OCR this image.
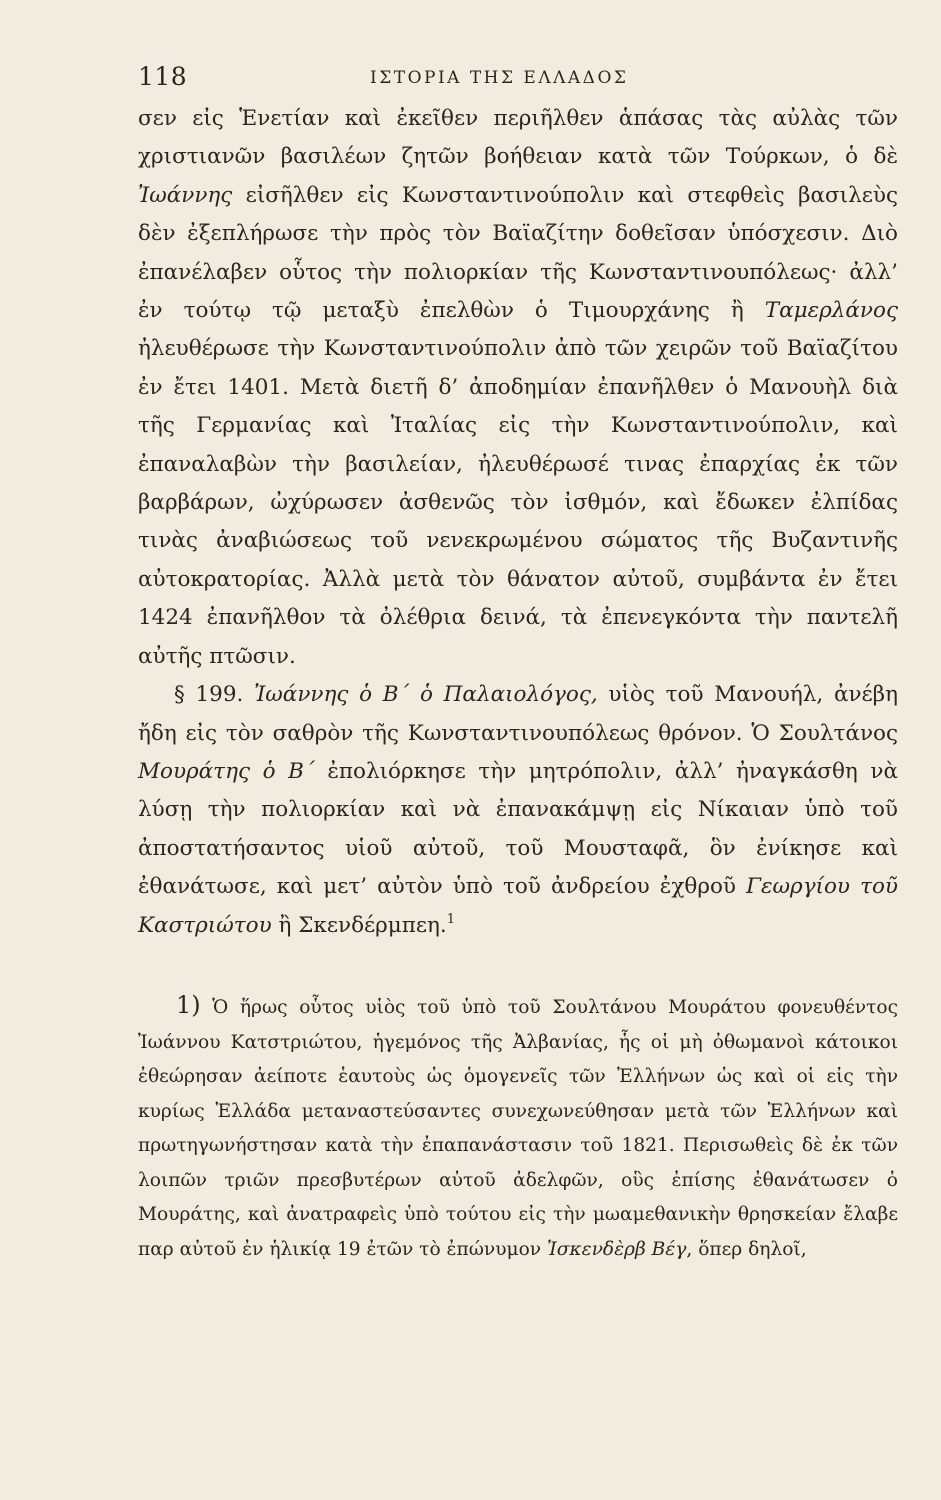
118	ΙΣΤΟΡΙΑ ΤΗΣ ΕΛΛΑΔΟΣ

σεν εἰς Ἑνετίαν καὶ ἐκεῖθεν περιῆλθεν ἁπάσας τὰς αὐλὰς τῶν χριστιανῶν βασιλέων ζητῶν βοήθειαν κατὰ τῶν Τούρκων, ὁ δὲ Ἰωάννης εἰσῆλθεν εἰς Κωνσταντινούπολιν καὶ στεφθεὶς βασιλεὺς δὲν ἐξεπλήρωσε τὴν πρὸς τὸν Βαϊαζίτην δοθεῖσαν ὑπόσχεσιν. Διὸ ἐπανέλαβεν οὗτος τὴν πολιορκίαν τῆς Κωνσταντινουπόλεως· ἀλλ’ ἐν τούτῳ τῷ μεταξὺ ἐπελθὼν ὁ Τιμουρχάνης ἢ Ταμερλάνος ἠλευθέρωσε τὴν Κωνσταντινούπολιν ἀπὸ τῶν χειρῶν τοῦ Βαϊαζίτου ἐν ἔτει 1401. Μετὰ διετῆ δ’ ἀποδημίαν ἐπανῆλθεν ὁ Μανουὴλ διὰ τῆς Γερμανίας καὶ Ἰταλίας εἰς τὴν Κωνσταντινούπολιν, καὶ ἐπαναλαβὼν τὴν βασιλείαν, ἠλευθέρωσέ τινας ἐπαρχίας ἐκ τῶν βαρβάρων, ὠχύρωσεν ἀσθενῶς τὸν ἰσθμόν, καὶ ἔδωκεν ἐλπίδας τινὰς ἀναβιώσεως τοῦ νενεκρωμένου σώματος τῆς Βυζαντινῆς αὐτοκρατορίας. Ἀλλὰ μετὰ τὸν θάνατον αὐτοῦ, συμβάντα ἐν ἔτει 1424 ἐπανῆλθον τὰ ὀλέθρια δεινά, τὰ ἐπενεγκόντα τὴν παντελῆ αὐτῆς πτῶσιν.

§ 199. Ἰωάννης ὁ Β΄ ὁ Παλαιολόγος, υἱὸς τοῦ Μανουήλ, ἀνέβη ἤδη εἰς τὸν σαθρὸν τῆς Κωνσταντινουπόλεως θρόνον. Ὁ Σουλτάνος Μουράτης ὁ Β΄ ἐπολιόρκησε τὴν μητρόπολιν, ἀλλ’ ἠναγκάσθη νὰ λύσῃ τὴν πολιορκίαν καὶ νὰ ἐπανακάμψῃ εἰς Νίκαιαν ὑπὸ τοῦ ἀποστατήσαντος υἱοῦ αὐτοῦ, τοῦ Μουσταφᾶ, ὃν ἐνίκησε καὶ ἐθανάτωσε, καὶ μετ’ αὐτὸν ὑπὸ τοῦ ἀνδρείου ἐχθροῦ Γεωργίου τοῦ Καστριώτου ἢ Σκενδέρμπεη.$^1$

1) Ὁ ἥρως οὗτος υἱὸς τοῦ ὑπὸ τοῦ Σουλτάνου Μουράτου φονευθέντος Ἰωάννου Κατστριώτου, ἡγεμόνος τῆς Ἀλβανίας, ἧς οἱ μὴ ὀθωμανοὶ κάτοικοι ἐθεώρησαν ἀείποτε ἑαυτοὺς ὡς ὁμογενεῖς τῶν Ἑλλήνων ὡς καὶ οἱ εἰς τὴν κυρίως Ἑλλάδα μεταναστεύσαντες συνεχωνεύθησαν μετὰ τῶν Ἑλλήνων καὶ πρωτηγωνήστησαν κατὰ τὴν ἐπαπανάστασιν τοῦ 1821. Περισωθεὶς δὲ ἐκ τῶν λοιπῶν τριῶν πρεσβυτέρων αὐτοῦ ἀδελφῶν, οὓς ἐπίσης ἐθανάτωσεν ὁ Μουράτης, καὶ ἀνατραφεὶς ὑπὸ τούτου εἰς τὴν μωαμεθανικὴν θρησκείαν ἔλαβε παρ αὐτοῦ ἐν ἡλικίᾳ 19 ἐτῶν τὸ ἐπώνυμον Ἰσκενδὲρβ Βέγ, ὅπερ δηλοῖ,
